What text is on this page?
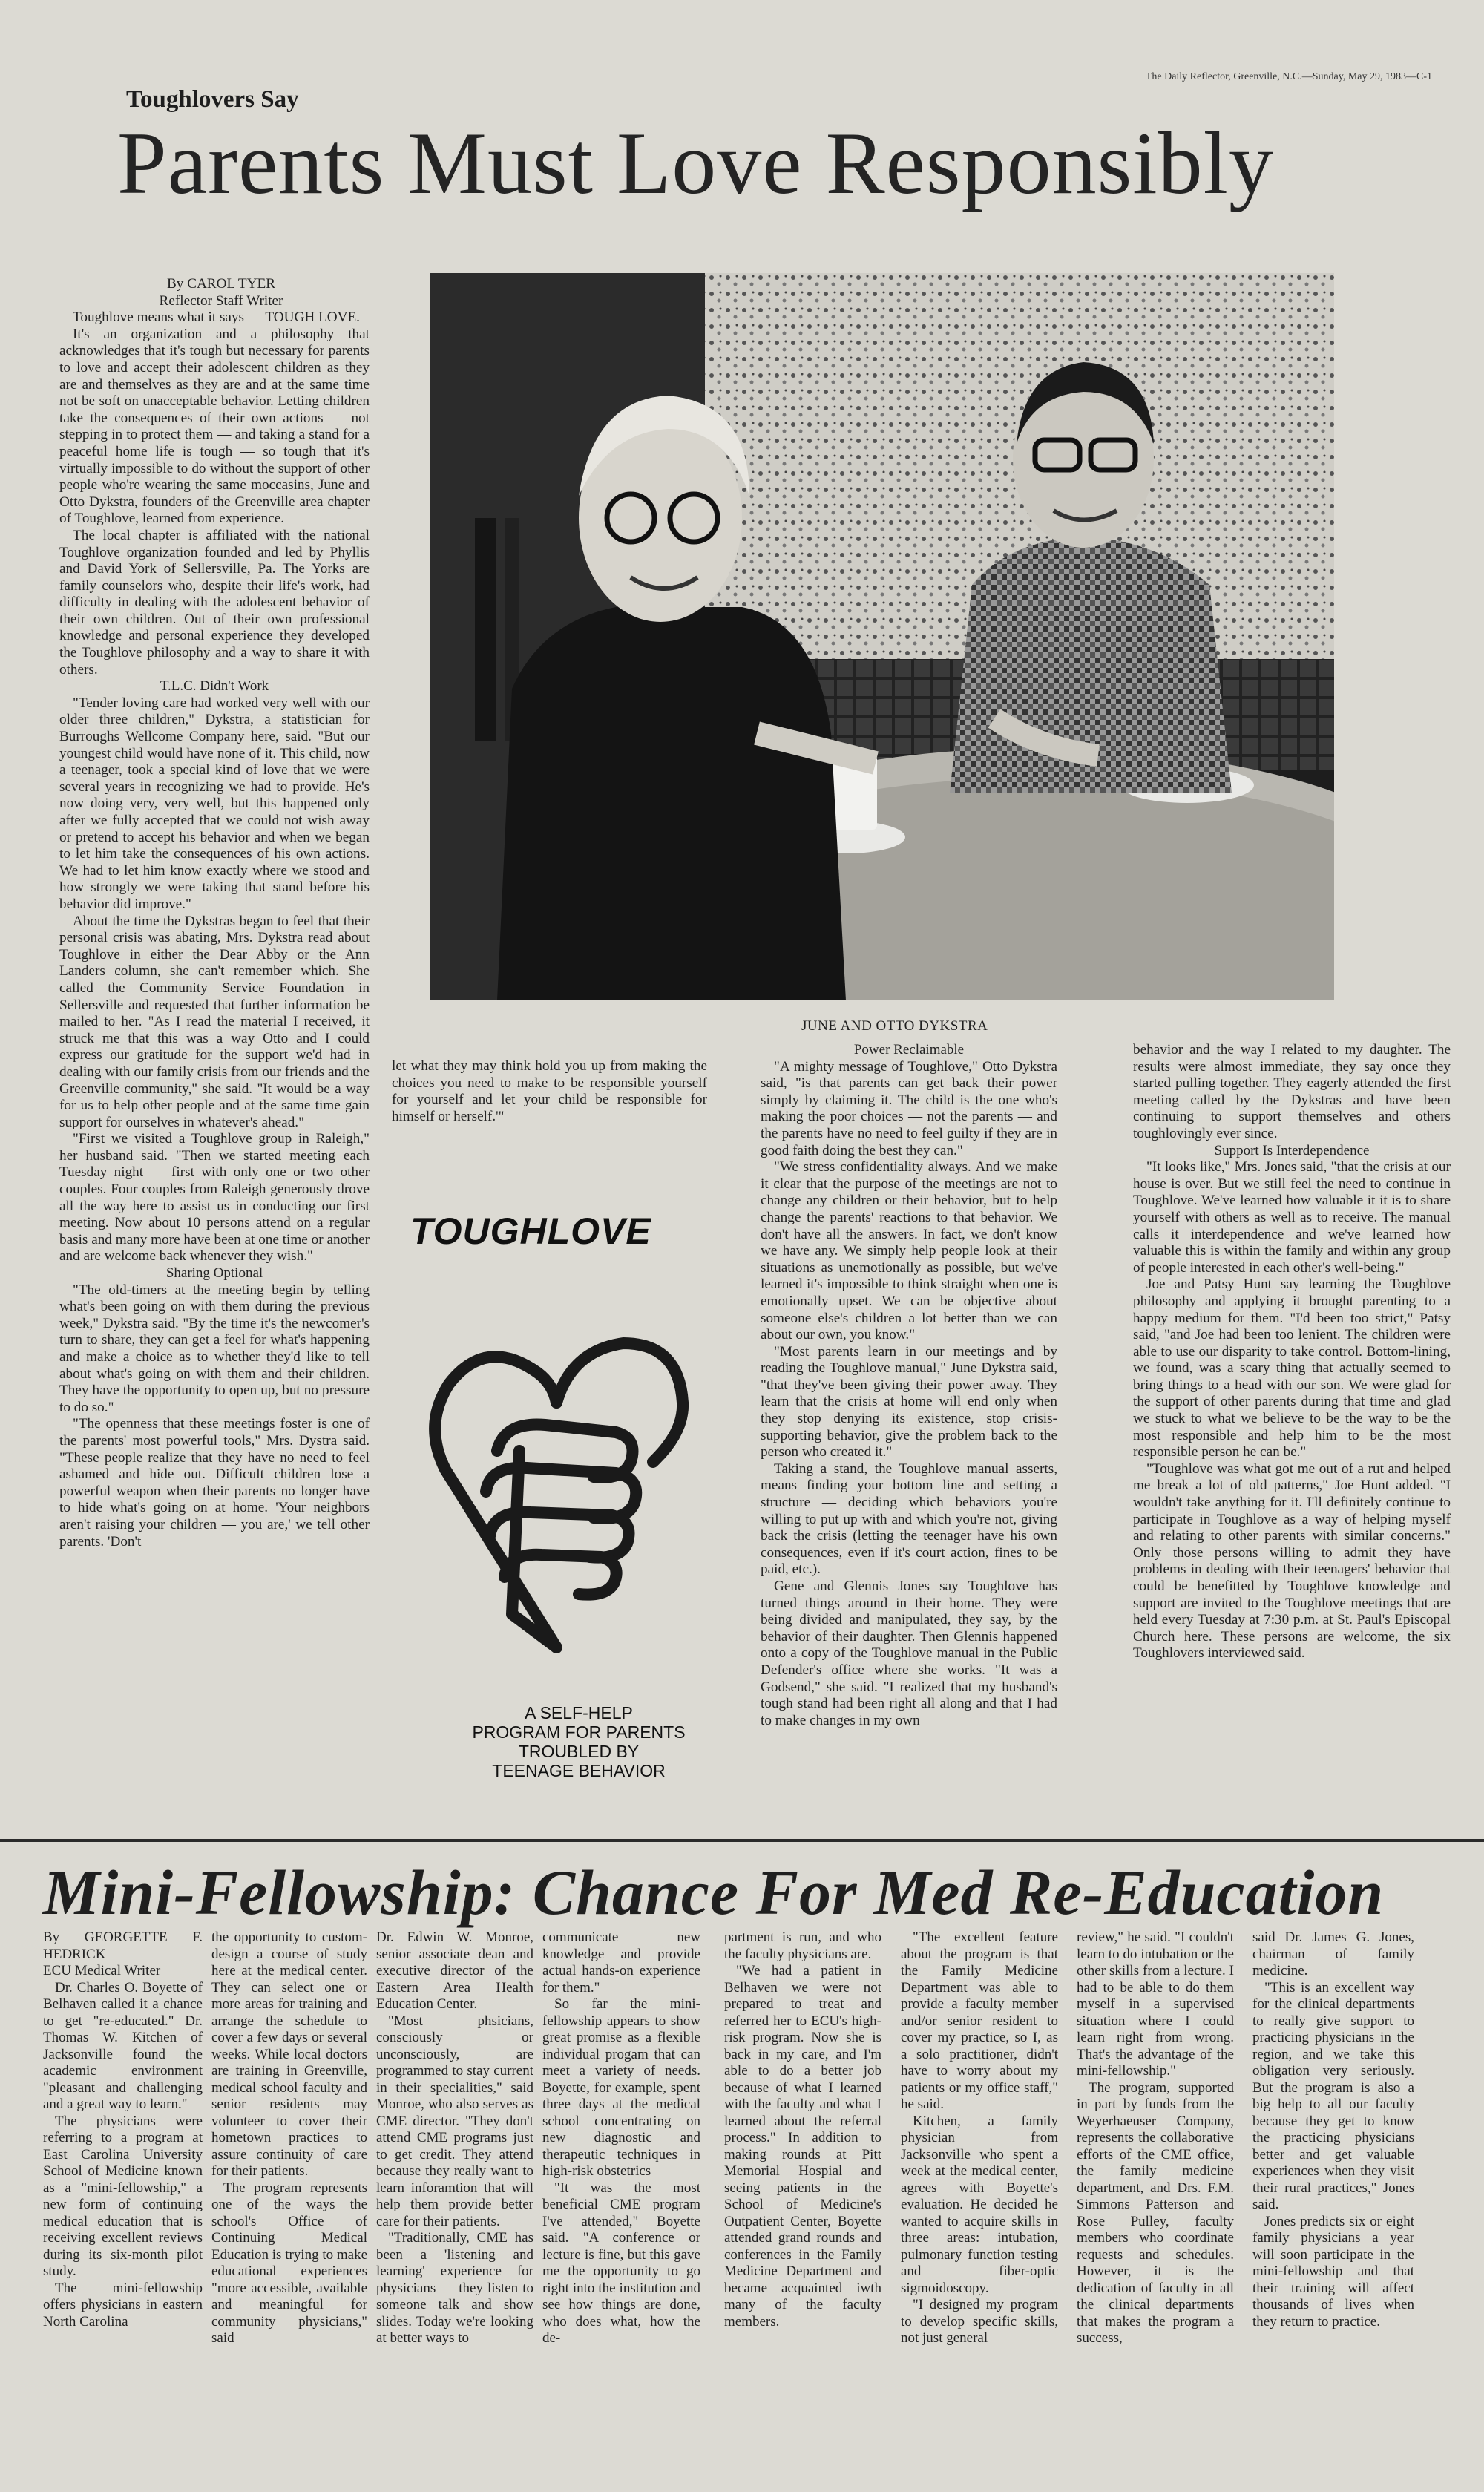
The Daily Reflector, Greenville, N.C.—Sunday, May 29, 1983—C-1
Toughlovers Say
Parents Must Love Responsibly

By CAROL TYER

Reflector Staff Writer

Toughlove means what it says — TOUGH LOVE.

It's an organization and a philosophy that acknowledges that it's tough but necessary for parents to love and accept their adolescent children as they are and themselves as they are and at the same time not be soft on unacceptable behavior. Letting children take the consequences of their own actions — not stepping in to protect them — and taking a stand for a peaceful home life is tough — so tough that it's virtually impossible to do without the support of other people who're wearing the same moccasins, June and Otto Dykstra, founders of the Greenville area chapter of Toughlove, learned from experience.

The local chapter is affiliated with the national Toughlove organization founded and led by Phyllis and David York of Sellersville, Pa. The Yorks are family counselors who, despite their life's work, had difficulty in dealing with the adolescent behavior of their own children. Out of their own professional knowledge and personal experience they developed the Toughlove philosophy and a way to share it with others.

T.L.C. Didn't Work

"Tender loving care had worked very well with our older three children," Dykstra, a statistician for Burroughs Wellcome Company here, said. "But our youngest child would have none of it. This child, now a teenager, took a special kind of love that we were several years in recognizing we had to provide. He's now doing very, very well, but this happened only after we fully accepted that we could not wish away or pretend to accept his behavior and when we began to let him take the consequences of his own actions. We had to let him know exactly where we stood and how strongly we were taking that stand before his behavior did improve."

About the time the Dykstras began to feel that their personal crisis was abating, Mrs. Dykstra read about Toughlove in either the Dear Abby or the Ann Landers column, she can't remember which. She called the Community Service Foundation in Sellersville and requested that further information be mailed to her. "As I read the material I received, it struck me that this was a way Otto and I could express our gratitude for the support we'd had in dealing with our family crisis from our friends and the Greenville community," she said. "It would be a way for us to help other people and at the same time gain support for ourselves in whatever's ahead."

"First we visited a Toughlove group in Raleigh," her husband said. "Then we started meeting each Tuesday night — first with only one or two other couples. Four couples from Raleigh generously drove all the way here to assist us in conducting our first meeting. Now about 10 persons attend on a regular basis and many more have been at one time or another and are welcome back whenever they wish."

Sharing Optional

"The old-timers at the meeting begin by telling what's been going on with them during the previous week," Dykstra said. "By the time it's the newcomer's turn to share, they can get a feel for what's happening and make a choice as to whether they'd like to tell about what's going on with them and their children. They have the opportunity to open up, but no pressure to do so."

"The openness that these meetings foster is one of the parents' most powerful tools," Mrs. Dystra said. "These people realize that they have no need to feel ashamed and hide out. Difficult children lose a powerful weapon when their parents no longer have to hide what's going on at home. 'Your neighbors aren't raising your children — you are,' we tell other parents. 'Don't

JUNE AND OTTO DYKSTRA

let what they may think hold you up from making the choices you need to make to be responsible yourself for yourself and let your child be responsible for himself or herself.'"

TOUGHLOVE
A SELF-HELP
PROGRAM FOR PARENTS
TROUBLED BY
TEENAGE BEHAVIOR

Power Reclaimable

"A mighty message of Toughlove," Otto Dykstra said, "is that parents can get back their power simply by claiming it. The child is the one who's making the poor choices — not the parents — and the parents have no need to feel guilty if they are in good faith doing the best they can."

"We stress confidentiality always. And we make it clear that the purpose of the meetings are not to change any children or their behavior, but to help change the parents' reactions to that behavior. We don't have all the answers. In fact, we don't know we have any. We simply help people look at their situations as unemotionally as possible, but we've learned it's impossible to think straight when one is emotionally upset. We can be objective about someone else's children a lot better than we can about our own, you know."

"Most parents learn in our meetings and by reading the Toughlove manual," June Dykstra said, "that they've been giving their power away. They learn that the crisis at home will end only when they stop denying its existence, stop crisis-supporting behavior, give the problem back to the person who created it."

Taking a stand, the Toughlove manual asserts, means finding your bottom line and setting a structure — deciding which behaviors you're willing to put up with and which you're not, giving back the crisis (letting the teenager have his own consequences, even if it's court action, fines to be paid, etc.).

Gene and Glennis Jones say Toughlove has turned things around in their home. They were being divided and manipulated, they say, by the behavior of their daughter. Then Glennis happened onto a copy of the Toughlove manual in the Public Defender's office where she works. "It was a Godsend," she said. "I realized that my husband's tough stand had been right all along and that I had to make changes in my own

behavior and the way I related to my daughter. The results were almost immediate, they say once they started pulling together. They eagerly attended the first meeting called by the Dykstras and have been continuing to support themselves and others toughlovingly ever since.

Support Is Interdependence

"It looks like," Mrs. Jones said, "that the crisis at our house is over. But we still feel the need to continue in Toughlove. We've learned how valuable it it is to share yourself with others as well as to receive. The manual calls it interdependence and we've learned how valuable this is within the family and within any group of people interested in each other's well-being."

Joe and Patsy Hunt say learning the Toughlove philosophy and applying it brought parenting to a happy medium for them. "I'd been too strict," Patsy said, "and Joe had been too lenient. The children were able to use our disparity to take control. Bottom-lining, we found, was a scary thing that actually seemed to bring things to a head with our son. We were glad for the support of other parents during that time and glad we stuck to what we believe to be the way to be the most responsible and help him to be the most responsible person he can be."

"Toughlove was what got me out of a rut and helped me break a lot of old patterns," Joe Hunt added. "I wouldn't take anything for it. I'll definitely continue to participate in Toughlove as a way of helping myself and relating to other parents with similar concerns." Only those persons willing to admit they have problems in dealing with their teenagers' behavior that could be benefitted by Toughlove knowledge and support are invited to the Toughlove meetings that are held every Tuesday at 7:30 p.m. at St. Paul's Episcopal Church here. These persons are welcome, the six Toughlovers interviewed said.

Mini-Fellowship: Chance For Med Re-Education

By GEORGETTE F. HEDRICK

ECU Medical Writer

Dr. Charles O. Boyette of Belhaven called it a chance to get "re-educated." Dr. Thomas W. Kitchen of Jacksonville found the academic environment "pleasant and challenging and a great way to learn."

The physicians were referring to a program at East Carolina University School of Medicine known as a "mini-fellowship," a new form of continuing medical education that is receiving excellent reviews during its six-month pilot study.

The mini-fellowship offers physicians in eastern North Carolina

the opportunity to custom-design a course of study here at the medical center. They can select one or more areas for training and arrange the schedule to cover a few days or several weeks. While local doctors are training in Greenville, medical school faculty and senior residents may volunteer to cover their hometown practices to assure continuity of care for their patients.

The program represents one of the ways the school's Office of Continuing Medical Education is trying to make educational experiences "more accessible, available and meaningful for community physicians," said

Dr. Edwin W. Monroe, senior associate dean and executive director of the Eastern Area Health Education Center.

"Most phsicians, consciously or unconsciously, are programmed to stay current in their specialities," said Monroe, who also serves as CME director. "They don't attend CME programs just to get credit. They attend because they really want to learn inforamtion that will help them provide better care for their patients.

"Traditionally, CME has been a 'listening and learning' experience for physicians — they listen to someone talk and show slides. Today we're looking at better ways to

communicate new knowledge and provide actual hands-on experience for them."

So far the mini-fellowship appears to show great promise as a flexible individual progam that can meet a variety of needs. Boyette, for example, spent three days at the medical school concentrating on new diagnostic and therapeutic techniques in high-risk obstetrics

"It was the most beneficial CME program I've attended," Boyette said. "A conference or lecture is fine, but this gave me the opportunity to go right into the institution and see how things are done, who does what, how the de-

partment is run, and who the faculty physicians are.

"We had a patient in Belhaven we were not prepared to treat and referred her to ECU's high-risk program. Now she is back in my care, and I'm able to do a better job because of what I learned with the faculty and what I learned about the referral process." In addition to making rounds at Pitt Memorial Hospial and seeing patients in the School of Medicine's Outpatient Center, Boyette attended grand rounds and conferences in the Family Medicine Department and became acquainted iwth many of the faculty members.

"The excellent feature about the program is that the Family Medicine Department was able to provide a faculty member and/or senior resident to cover my practice, so I, as a solo practitioner, didn't have to worry about my patients or my office staff," he said.

Kitchen, a family physician from Jacksonville who spent a week at the medical center, agrees with Boyette's evaluation. He decided he wanted to acquire skills in three areas: intubation, pulmonary function testing and fiber-optic sigmoidoscopy.

"I designed my program to develop specific skills, not just general

review," he said. "I couldn't learn to do intubation or the other skills from a lecture. I had to be able to do them myself in a supervised situation where I could learn right from wrong. That's the advantage of the mini-fellowship."

The program, supported in part by funds from the Weyerhaeuser Company, represents the collaborative efforts of the CME office, the family medicine department, and Drs. F.M. Simmons Patterson and Rose Pulley, faculty members who coordinate requests and schedules. However, it is the dedication of faculty in all the clinical departments that makes the program a success,

said Dr. James G. Jones, chairman of family medicine.

"This is an excellent way for the clinical departments to really give support to practicing physicians in the region, and we take this obligation very seriously. But the program is also a big help to all our faculty because they get to know the practicing physicians better and get valuable experiences when they visit their rural practices," Jones said.

Jones predicts six or eight family physicians a year will soon participate in the mini-fellowship and that their training will affect thousands of lives when they return to practice.
